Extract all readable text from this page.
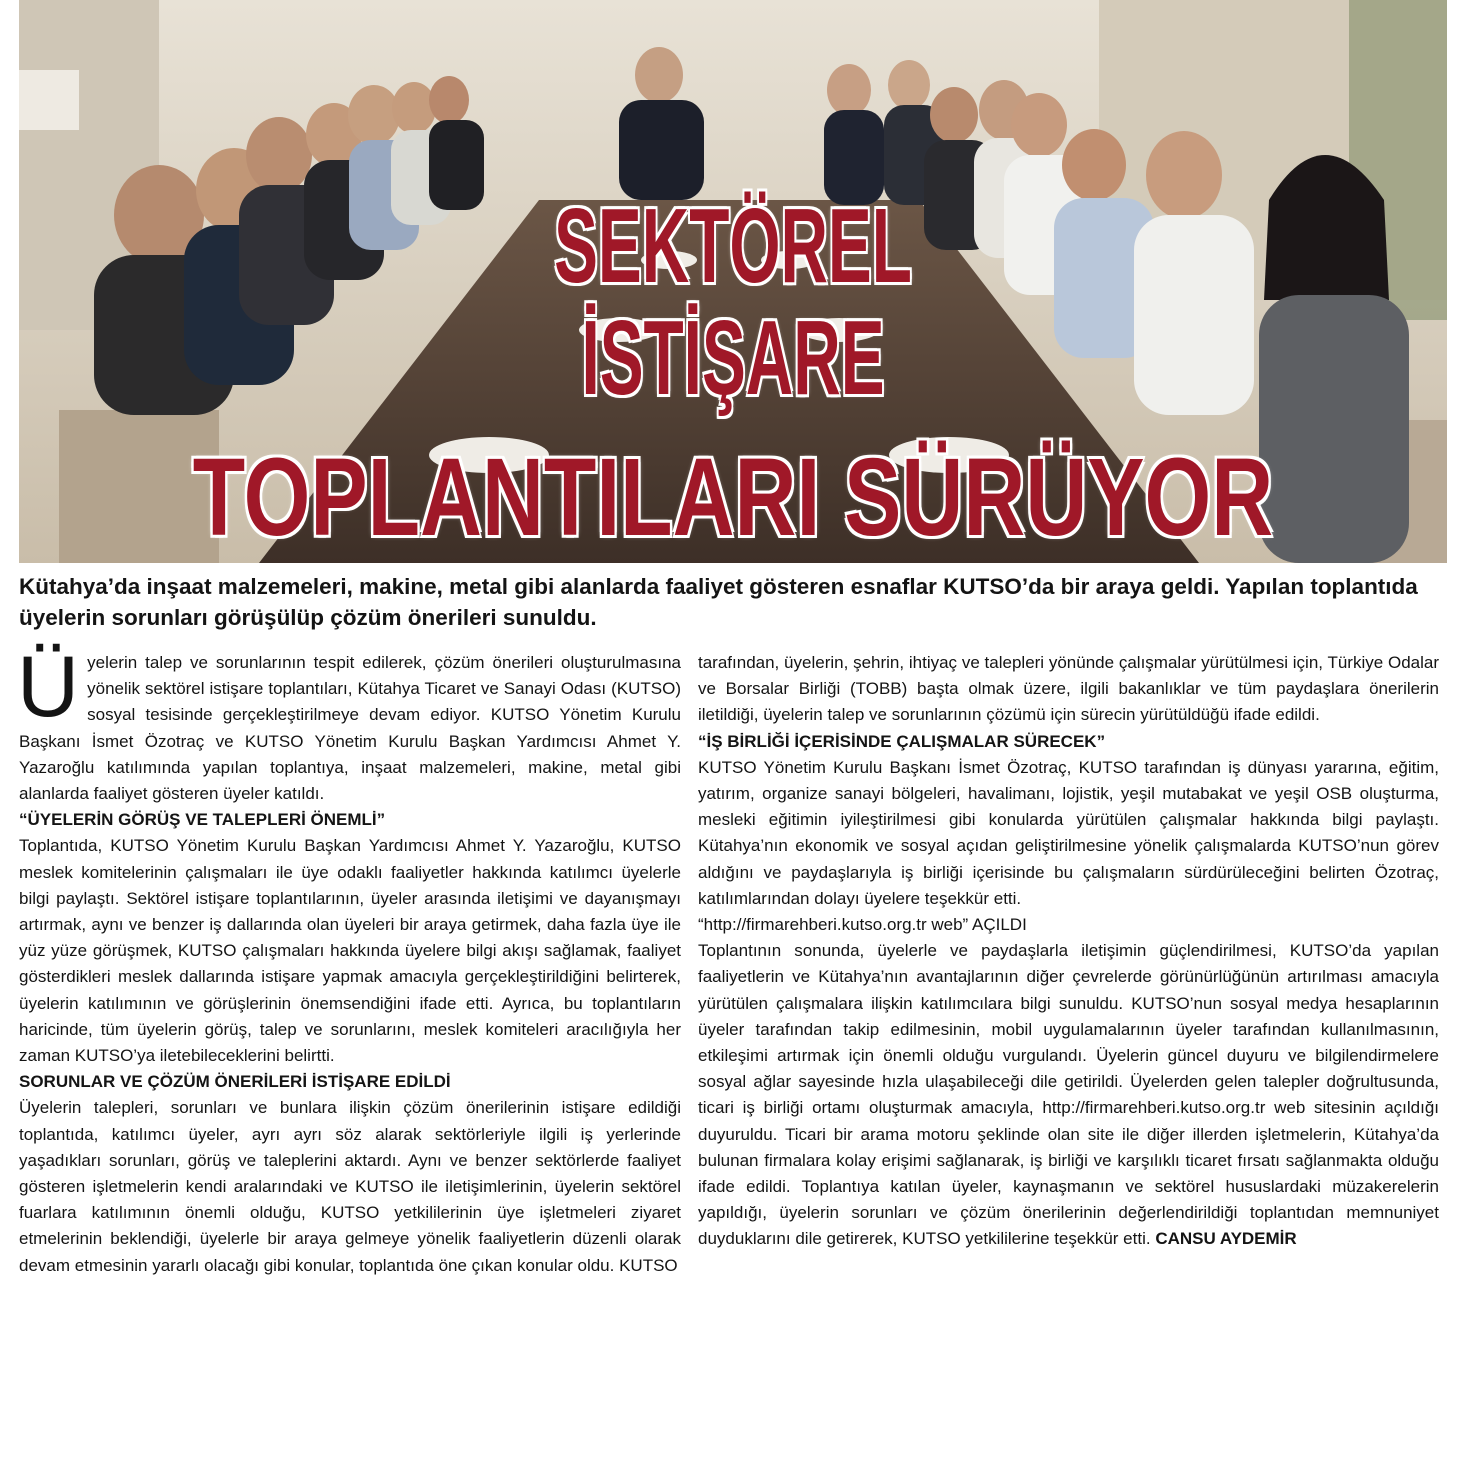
SEKTÖREL
İSTİŞARE
TOPLANTILARI SÜRÜYOR
Kütahya’da inşaat malzemeleri, makine, metal gibi alanlarda faaliyet gösteren esnaflar KUTSO’da bir araya geldi. Yapılan toplantıda üyelerin sorunları görüşülüp çözüm önerileri sunuldu.

Üyelerin talep ve sorunlarının tespit edilerek, çözüm önerileri oluşturulmasına yönelik sektörel istişare toplantıları, Kütahya Ticaret ve Sanayi Odası (KUTSO) sosyal tesisinde gerçekleştirilmeye devam ediyor. KUTSO Yönetim Kurulu Başkanı İsmet Özotraç ve KUTSO Yönetim Kurulu Başkan Yardımcısı Ahmet Y. Yazaroğlu katılımında yapılan toplantıya, inşaat malzemeleri, makine, metal gibi alanlarda faaliyet gösteren üyeler katıldı.

“ÜYELERİN GÖRÜŞ VE TALEPLERİ ÖNEMLİ”

Toplantıda, KUTSO Yönetim Kurulu Başkan Yardımcısı Ahmet Y. Yazaroğlu, KUTSO meslek komitelerinin çalışmaları ile üye odaklı faaliyetler hakkında katılımcı üyelerle bilgi paylaştı. Sektörel istişare toplantılarının, üyeler arasında iletişimi ve dayanışmayı artırmak, aynı ve benzer iş dallarında olan üyeleri bir araya getirmek, daha fazla üye ile yüz yüze görüşmek, KUTSO çalışmaları hakkında üyelere bilgi akışı sağlamak, faaliyet gösterdikleri meslek dallarında istişare yapmak amacıyla gerçekleştirildiğini belirterek, üyelerin katılımının ve görüşlerinin önemsendiğini ifade etti. Ayrıca, bu toplantıların haricinde, tüm üyelerin görüş, talep ve sorunlarını, meslek komiteleri aracılığıyla her zaman KUTSO’ya iletebileceklerini belirtti.

SORUNLAR VE ÇÖZÜM ÖNERİLERİ İSTİŞARE EDİLDİ

Üyelerin talepleri, sorunları ve bunlara ilişkin çözüm önerilerinin istişare edildiği toplantıda, katılımcı üyeler, ayrı ayrı söz alarak sektörleriyle ilgili iş yerlerinde yaşadıkları sorunları, görüş ve taleplerini aktardı. Aynı ve benzer sektörlerde faaliyet gösteren işletmelerin kendi aralarındaki ve KUTSO ile iletişimlerinin, üyelerin sektörel fuarlara katılımının önemli olduğu, KUTSO yetkililerinin üye işletmeleri ziyaret etmelerinin beklendiği, üyelerle bir araya gelmeye yönelik faaliyetlerin düzenli olarak devam etmesinin yararlı olacağı gibi konular, toplantıda öne çıkan konular oldu. KUTSO

tarafından, üyelerin, şehrin, ihtiyaç ve talepleri yönünde çalışmalar yürütülmesi için, Türkiye Odalar ve Borsalar Birliği (TOBB) başta olmak üzere, ilgili bakanlıklar ve tüm paydaşlara önerilerin iletildiği, üyelerin talep ve sorunlarının çözümü için sürecin yürütüldüğü ifade edildi.

“İŞ BİRLİĞİ İÇERİSİNDE ÇALIŞMALAR SÜRECEK”

KUTSO Yönetim Kurulu Başkanı İsmet Özotraç, KUTSO tarafından iş dünyası yararına, eğitim, yatırım, organize sanayi bölgeleri, havalimanı, lojistik, yeşil mutabakat ve yeşil OSB oluşturma, mesleki eğitimin iyileştirilmesi gibi konularda yürütülen çalışmalar hakkında bilgi paylaştı. Kütahya’nın ekonomik ve sosyal açıdan geliştirilmesine yönelik çalışmalarda KUTSO’nun görev aldığını ve paydaşlarıyla iş birliği içerisinde bu çalışmaların sürdürüleceğini belirten Özotraç, katılımlarından dolayı üyelere teşekkür etti.

“http://firmarehberi.kutso.org.tr web” AÇILDI

Toplantının sonunda, üyelerle ve paydaşlarla iletişimin güçlendirilmesi, KUTSO’da yapılan faaliyetlerin ve Kütahya’nın avantajlarının diğer çevrelerde görünürlüğünün artırılması amacıyla yürütülen çalışmalara ilişkin katılımcılara bilgi sunuldu. KUTSO’nun sosyal medya hesaplarının üyeler tarafından takip edilmesinin, mobil uygulamalarının üyeler tarafından kullanılmasının, etkileşimi artırmak için önemli olduğu vurgulandı. Üyelerin güncel duyuru ve bilgilendirmelere sosyal ağlar sayesinde hızla ulaşabileceği dile getirildi. Üyelerden gelen talepler doğrultusunda, ticari iş birliği ortamı oluşturmak amacıyla, http://firmarehberi.kutso.org.tr web sitesinin açıldığı duyuruldu. Ticari bir arama motoru şeklinde olan site ile diğer illerden işletmelerin, Kütahya’da bulunan firmalara kolay erişimi sağlanarak, iş birliği ve karşılıklı ticaret fırsatı sağlanmakta olduğu ifade edildi. Toplantıya katılan üyeler, kaynaşmanın ve sektörel hususlardaki müzakerelerin yapıldığı, üyelerin sorunları ve çözüm önerilerinin değerlendirildiği toplantıdan memnuniyet duyduklarını dile getirerek, KUTSO yetkililerine teşekkür etti. CANSU AYDEMİR
